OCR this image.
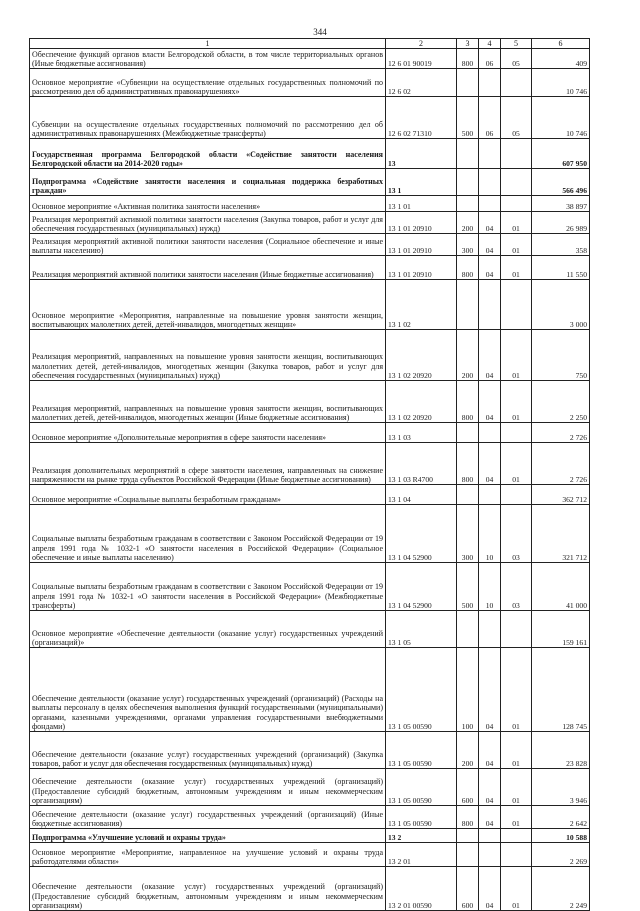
344
1	2	3	4	5	6
Обеспечение функций органов власти Белгородской области, в том числе территориальных органов (Иные бюджетные ассигнования)	12 6 01 90019	800	06	05	409
Основное мероприятие «Субвенции на осуществление отдельных государственных полномочий по рассмотрению дел об административных правонарушениях»	12 6 02				10 746
Субвенции на осуществление отдельных государственных полномочий по рассмотрению дел об административных правонарушениях (Межбюджетные трансферты)	12 6 02 71310	500	06	05	10 746
Государственная программа Белгородской области «Содействие занятости населения Белгородской области на 2014-2020 годы»	13				607 950
Подпрограмма «Содействие занятости населения и социальная поддержка безработных граждан»	13 1				566 496
Основное мероприятие «Активная политика занятости населения»	13 1 01				38 897
Реализация мероприятий активной политики занятости населения (Закупка товаров, работ и услуг для обеспечения государственных (муниципальных) нужд)	13 1 01 20910	200	04	01	26 989
Реализация мероприятий активной политики занятости населения (Социальное обеспечение и иные выплаты населению)	13 1 01 20910	300	04	01	358
Реализация мероприятий активной политики занятости населения (Иные бюджетные ассигнования)	13 1 01 20910	800	04	01	11 550
Основное мероприятие «Мероприятия, направленные на повышение уровня занятости женщин, воспитывающих малолетних детей, детей-инвалидов, многодетных женщин»	13 1 02				3 000
Реализация мероприятий, направленных на повышение уровня занятости женщин, воспитывающих малолетних детей, детей-инвалидов, многодетных женщин (Закупка товаров, работ и услуг для обеспечения государственных (муниципальных) нужд)	13 1 02 20920	200	04	01	750
Реализация мероприятий, направленных на повышение уровня занятости женщин, воспитывающих малолетних детей, детей-инвалидов, многодетных женщин (Иные бюджетные ассигнования)	13 1 02 20920	800	04	01	2 250
Основное мероприятие «Дополнительные мероприятия в сфере занятости населения»	13 1 03				2 726
Реализация дополнительных мероприятий в сфере занятости населения, направленных на снижение напряженности на рынке труда субъектов Российской Федерации (Иные бюджетные ассигнования)	13 1 03 R4700	800	04	01	2 726
Основное мероприятие «Социальные выплаты безработным гражданам»	13 1 04				362 712
Социальные выплаты безработным гражданам в соответствии с Законом Российской Федерации от 19 апреля 1991 года № 1032-1 «О занятости населения в Российской Федерации» (Социальное обеспечение и иные выплаты населению)	13 1 04 52900	300	10	03	321 712
Социальные выплаты безработным гражданам в соответствии с Законом Российской Федерации от 19 апреля 1991 года № 1032-1 «О занятости населения в Российской Федерации» (Межбюджетные трансферты)	13 1 04 52900	500	10	03	41 000
Основное мероприятие «Обеспечение деятельности (оказание услуг) государственных учреждений (организаций)»	13 1 05				159 161
Обеспечение деятельности (оказание услуг) государственных учреждений (организаций) (Расходы на выплаты персоналу в целях обеспечения выполнения функций государственными (муниципальными) органами, казенными учреждениями, органами управления государственными внебюджетными фондами)	13 1 05 00590	100	04	01	128 745
Обеспечение деятельности (оказание услуг) государственных учреждений (организаций) (Закупка товаров, работ и услуг для обеспечения государственных (муниципальных) нужд)	13 1 05 00590	200	04	01	23 828
Обеспечение деятельности (оказание услуг) государственных учреждений (организаций) (Предоставление субсидий бюджетным, автономным учреждениям и иным некоммерческим организациям)	13 1 05 00590	600	04	01	3 946
Обеспечение деятельности (оказание услуг) государственных учреждений (организаций) (Иные бюджетные ассигнования)	13 1 05 00590	800	04	01	2 642
Подпрограмма «Улучшение условий и охраны труда»	13 2				10 588
Основное мероприятие «Мероприятие, направленное на улучшение условий и охраны труда работодателями области»	13 2 01				2 269
Обеспечение деятельности (оказание услуг) государственных учреждений (организаций) (Предоставление субсидий бюджетным, автономным учреждениям и иным некоммерческим организациям)	13 2 01 00590	600	04	01	2 249
